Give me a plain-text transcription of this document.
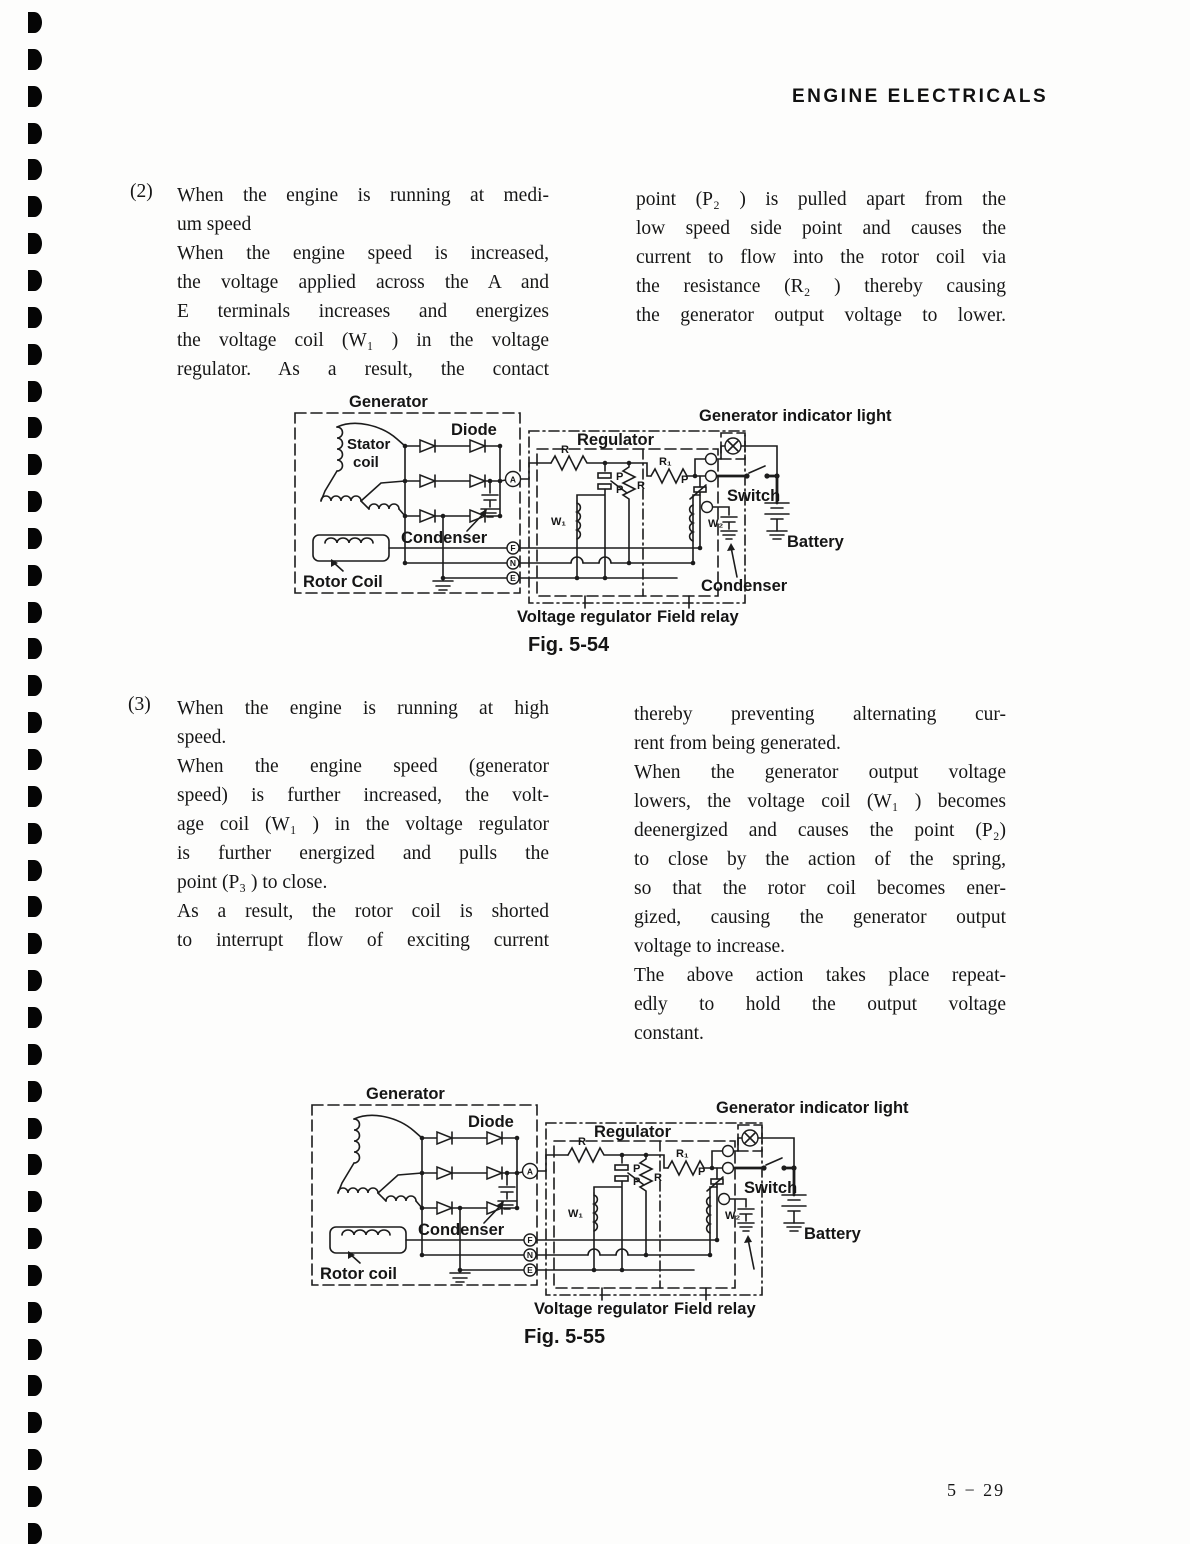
ENGINE ELECTRICALS
(2) When the engine is running at medi-
um speed
When the engine speed is increased,
the voltage applied across the A and
E terminals increases and energizes
the voltage coil (W₁ ) in the voltage
regulator. As a result, the contact
point (P₂ ) is pulled apart from the
low speed side point and causes the
current to flow into the rotor coil via
the resistance (R₂ ) thereby causing
the generator output voltage to lower.
Generator
Stator
coil
Diode
Condenser
Rotor Coil
Regulator
R
P
P R
W₁
R₁
P
W₂
Voltage regulator Field relay
Generator indicator light
Switch
Battery
Condenser
A
F
N
E
Fig. 5-54
(3) When the engine is running at high
speed.
When the engine speed (generator
speed) is further increased, the volt-
age coil (W₁ ) in the voltage regulator
is further energized and pulls the
point (P₃ ) to close.
As a result, the rotor coil is shorted
to interrupt flow of exciting current
thereby preventing alternating cur-
rent from being generated.
When the generator output voltage
lowers, the voltage coil (W₁ ) becomes
deenergized and causes the point (P₂)
to close by the action of the spring,
so that the rotor coil becomes ener-
gized, causing the generator output
voltage to increase.
The above action takes place repeat-
edly to hold the output voltage
constant.
Generator
Diode
Condenser
Rotor coil
Regulator
R
P
P R
W₁
R₁
P
W₂
Voltage regulator Field relay
Generator indicator light
Switch
Battery
A
F
N
E
Fig. 5-55
5 − 29
